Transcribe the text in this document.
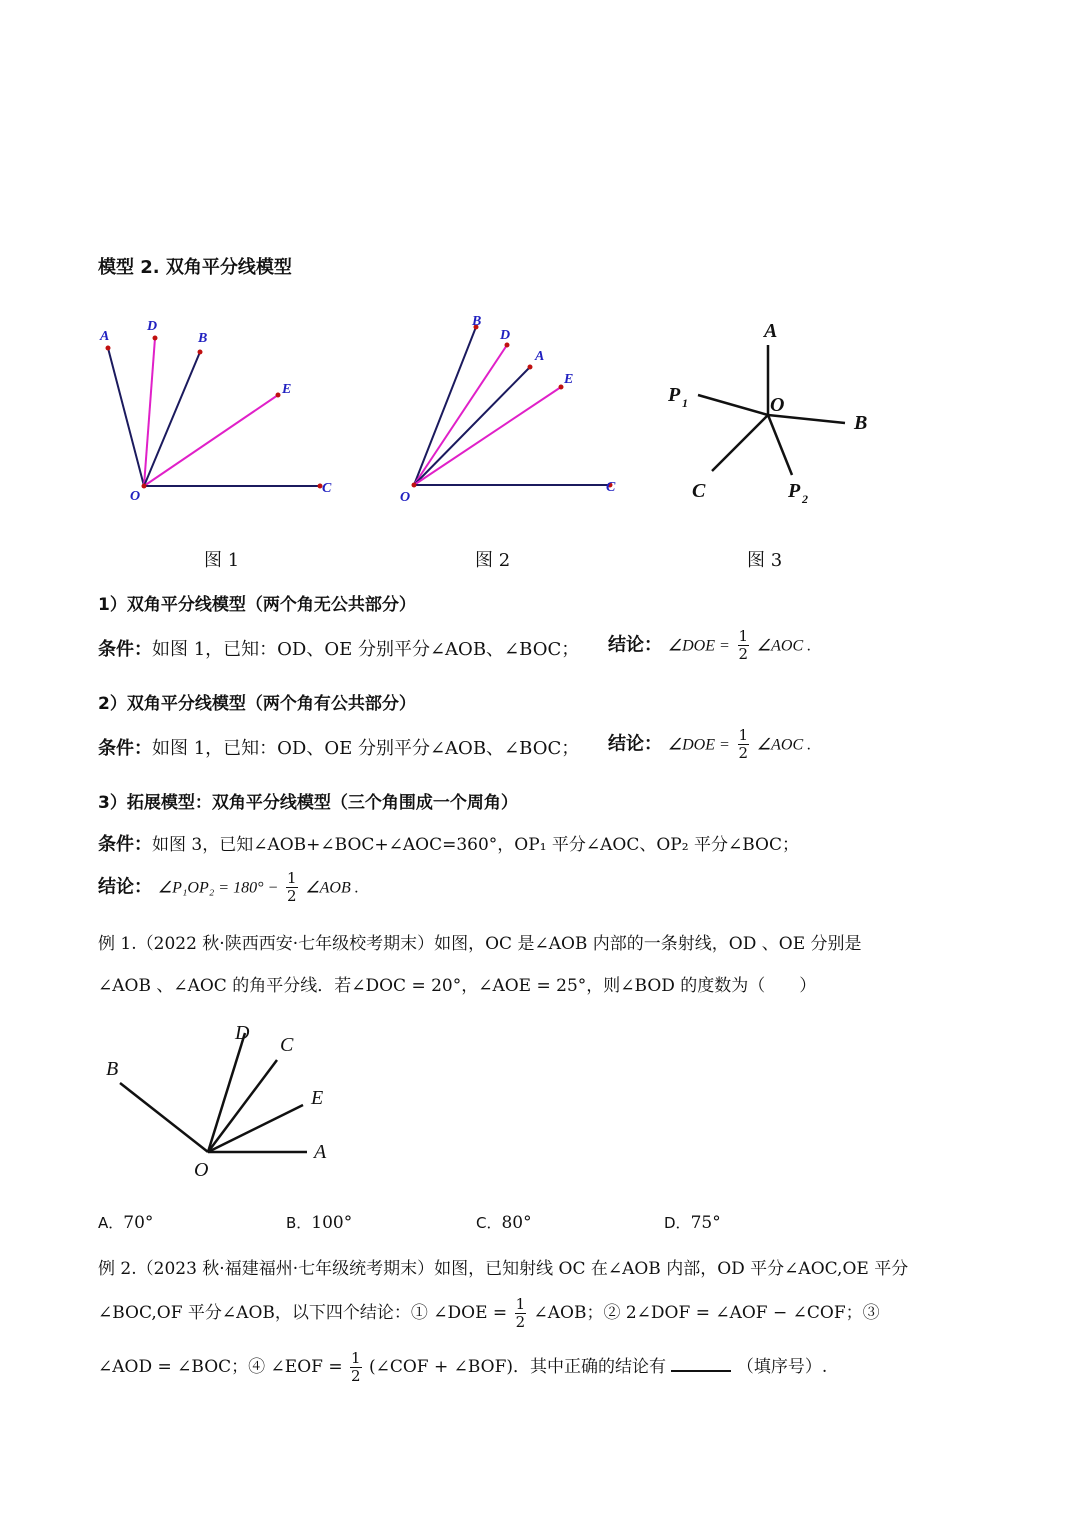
模型 2. 双角平分线模型
A
D
B
E
O
C
图 1
B
D
A
E
O
C
图 2
A
P 1	O
B
C	P 2
图 3
1）双角平分线模型（两个角无公共部分）
条件：如图 1，已知：OD、OE 分别平分∠AOB、∠BOC； 结论： ∠DOE = $\frac{1}{2}$ ∠AOC .
2）双角平分线模型（两个角有公共部分）
条件：如图 1，已知：OD、OE 分别平分∠AOB、∠BOC； 结论： ∠DOE = $\frac{1}{2}$ ∠AOC .
3）拓展模型：双角平分线模型（三个角围成一个周角）
条件：如图 3，已知∠AOB+∠BOC+∠AOC=360°，OP₁ 平分∠AOC、OP₂ 平分∠BOC；
结论： ∠P₁OP₂ = $180^\circ - \frac{1}{2}$ ∠AOB .
例 1.（2022 秋·陕西西安·七年级校考期末）如图，OC 是∠AOB 内部的一条射线，OD 、OE 分别是
∠AOB 、∠AOC 的角平分线．若∠DOC = 20°，∠AOE = 25°，则∠BOD 的度数为（　　）
D
C
B
E
A
O
A．70°	B．100°	C．80°	D．75°
例 2.（2023 秋·福建福州·七年级统考期末）如图，已知射线 OC 在∠AOB 内部，OD 平分∠AOC,OE 平分
∠BOC,OF 平分∠AOB，以下四个结论：① ∠DOE = $\frac{1}{2}$ ∠AOB；② 2∠DOF = ∠AOF − ∠COF；③
∠AOD = ∠BOC；④ ∠EOF = $\frac{1}{2}$ (∠COF + ∠BOF)．其中正确的结论有	（填序号）.
